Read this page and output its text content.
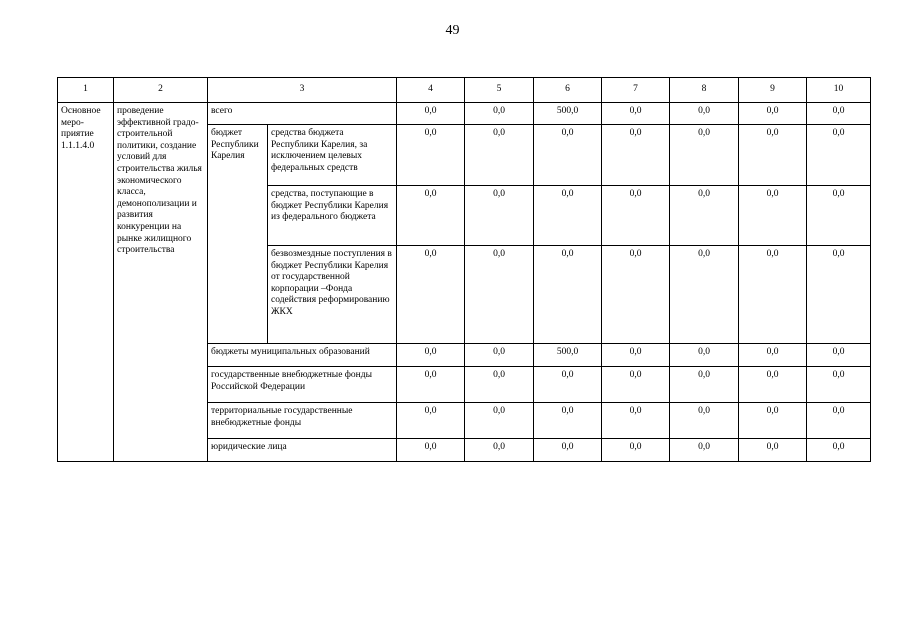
49
1	2	3		4	5	6	7	8	9	10
Основное меро-приятие 1.1.1.4.0	проведение эффективной градо-строительной политики, создание условий для строительства жилья экономического класса, демонополизации и развития конкуренции на рынке жилищного строительства	всего		0,0	0,0	500,0	0,0	0,0	0,0	0,0
		бюджет Республики Карелия	средства бюджета Республики Карелия, за исключением целевых федеральных средств	0,0	0,0	0,0	0,0	0,0	0,0	0,0
			средства, поступающие в бюджет Республики Карелия из федерального бюджета	0,0	0,0	0,0	0,0	0,0	0,0	0,0
			безвозмездные поступления в бюджет Республики Карелия от государственной корпорации –Фонда содействия реформированию ЖКХ	0,0	0,0	0,0	0,0	0,0	0,0	0,0
		бюджеты муниципальных образований		0,0	0,0	500,0	0,0	0,0	0,0	0,0
		государственные внебюджетные фонды Российской Федерации		0,0	0,0	0,0	0,0	0,0	0,0	0,0
		территориальные государственные внебюджетные фонды		0,0	0,0	0,0	0,0	0,0	0,0	0,0
		юридические лица		0,0	0,0	0,0	0,0	0,0	0,0	0,0
